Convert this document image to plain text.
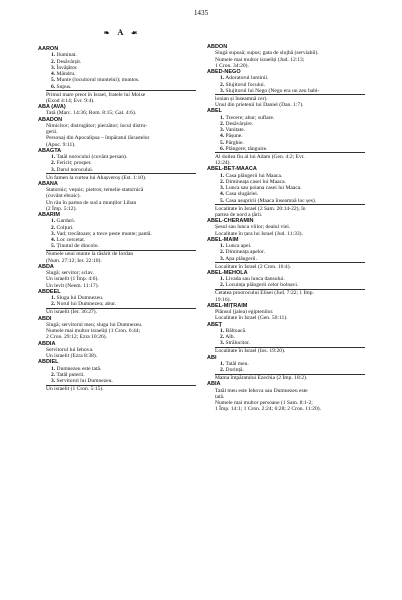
1435
❧ A ☙
AARON
1. Iluminat.
2. Desăvârșit.
3. Învățător.
4. Mândru.
5. Munte (locuitorul muntelui); muntos.
6. Supus.
Primul mare preot în Israel, fratele lui Moise
(Exod 4:14; Evr. 9:4).
ABA (AVA)
Tată (Marc. 14:36; Rom. 8:15; Gal. 4:6).
ABADON
Nimicitor; distrugător; pierzător; locul distru-
gerii.
Personaj din Apocalipsa – împăratul lăcustelor
(Apoc. 9:11).
ABAGTA
1. Tatăl norocului (cuvânt persan).
2. Fericit; prosper.
3. Darul norocului.
Un famen la curtea lui Ahașveroș (Est. 1:10).
ABANA
Statornic; veșnic; pietros; temelie statornică
(cuvânt ebraic).
Un râu în partea de sud a munților Liban
(2 Împ. 5:12).
ABARIM
1. Garduri.
2. Colțuri.
3. Vad; trecătoare; a trece peste munte; pantă.
4. Loc cercetat.
5. Ținutul de dincolo.
Numele unui munte la răsărit de Iordan
(Num. 27:12; Ier. 22:10).
ABDA
Slugă; servitor; sclav.
Un israelit (1 Împ. 4:6).
Un levit (Neem. 11:17).
ABDEEL
1. Sluga lui Dumnezeu.
2. Norul lui Dumnezeu; abur.
Un israelit (Ier. 36:27).
ABDI
Slugă; servitorul meu; sluga lui Dumnezeu.
Numele mai multor israeliți (1 Cron. 6:44;
2 Cron. 29:12; Ezra 10:26).
ABDIA
Servitorul lui Iehova.
Un israelit (Ezra 8:38).
ABDIEL
1. Dumnezeu este tată.
2. Tatăl puterii.
3. Servitorul lui Dumnezeu.
Un israelit (1 Cron. 5:15).
ABDON
Slugă supusă; supus; gata de slujbă (serviabil).
Numele mai multor israeliți (Jud. 12:13;
1 Cron. 34:20).
ABED-NEGO
1. Adoratorul luminii.
2. Slujitorul focului.
3. Slujitorul lui Nego (Nego era un zeu babi-
lonian și înseamnă cer).
Unul din prietenii lui Daniel (Dan. 1:7).
ABEL
1. Trecere; abur; suflare.
2. Desăvârșire.
3. Vanitate.
4. Pășune.
5. Pârghie.
6. Plângere; tânguire.
Al doilea fiu al lui Adam (Gen. 4:2; Evr.
12:24).
ABEL-BET-MAACA
1. Casa plângerii lui Maaca.
2. Dimineața casei lui Maaca.
3. Lunca sau poiana casei lui Maaca.
4. Casa slugăriei.
5. Casa asupririi (Maaca înseamnă loc șes).
Localitate în Israel (2 Sam. 20:14-22), în
partea de nord a țării.
ABEL-CHERAMIN
Șesul sau lunca viilor; dealul viei.
Localitate în țara lui Israel (Jud. 11:33).
ABEL-MAIM
1. Lunca apei.
2. Dimineața apelor.
3. Apa plângerii.
Localitate în Israel (2 Cron. 16:4).
ABEL-MEHOLA
1. Livada sau lunca dansului.
2. Locuința plângerii celor bolnavi.
Cetatea proorocului Elisei (Jud. 7:22; 1 Împ.
19:16).
ABEL-MIȚRAIM
Plânsul (jalea) egiptenilor.
Localitate în Israel (Gen. 50:11).
ABEȚ
1. Băltoacă.
2. Alb.
3. Strălucitor.
Localitate în Israel (Ios. 19:20).
ABI
1. Tatăl meu.
2. Dorință.
Mama împăratului Ezechia (2 Împ. 18:2).
ABIA
Tatăl meu este Iehova sau Dumnezeu este
tată.
Numele mai multor persoane (1 Sam. 8:1-2;
1 Împ. 14:1; 1 Cron. 2:24; 6:28; 2 Cron. 11:20).
